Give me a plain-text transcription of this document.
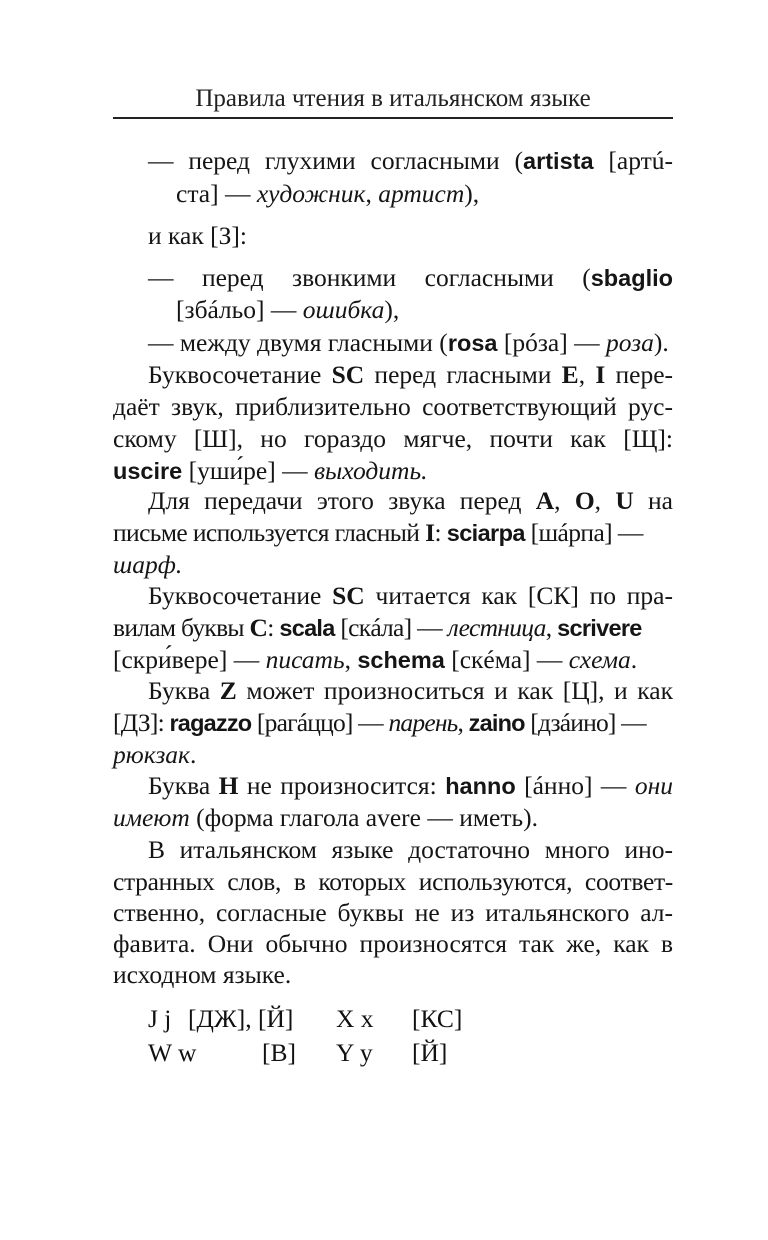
Правила чтения в итальянском языке
— перед глухими согласными (artista [артú-
ста] — художник, артист),
и как [З]:
— перед звонкими согласными (sbaglio
[збáльо] — ошибка),
— между двумя гласными (rosa [рóза] — роза).
Буквосочетание SC перед гласными E, I пере-
даёт звук, приблизительно соответствующий рус-
скому [Ш], но гораздо мягче, почти как [Щ]:
uscire [уши́ре] — выходить.
Для передачи этого звука перед A, O, U на
письме используется гласный I: sciarpa [шáрпа] —
шарф.
Буквосочетание SC читается как [СК] по пра-
вилам буквы C: scala [скáла] — лестница, scrivere
[скри́вере] — писать, schema [скéма] — схема.
Буква Z может произноситься и как [Ц], и как
[ДЗ]: ragazzo [рагáццо] — парень, zaino [дзáино] —
рюкзак.
Буква H не произносится: hanno [áнно] — они
имеют (форма глагола avere — иметь).
В итальянском языке достаточно много ино-
странных слов, в которых используются, соответ-
ственно, согласные буквы не из итальянского ал-
фавита. Они обычно произносятся так же, как в
исходном языке.
J j [ДЖ], [Й] X x [КС]
W w	[В] Y y [Й]
